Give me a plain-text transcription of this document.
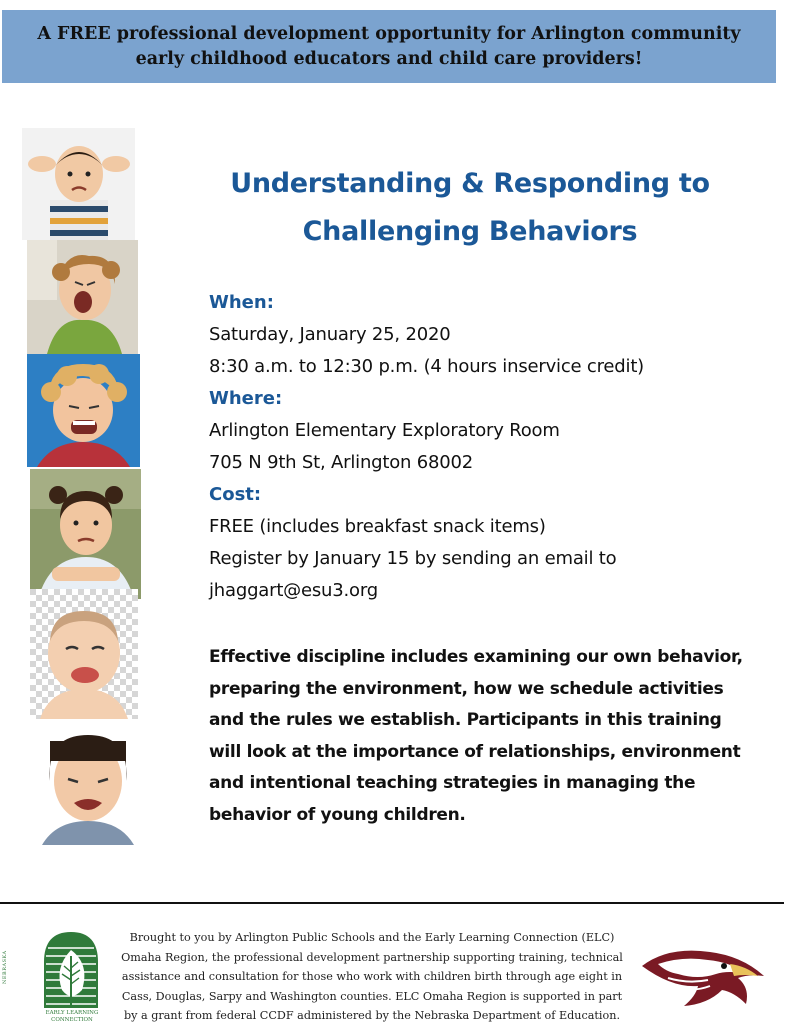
A FREE professional development opportunity for Arlington community
early childhood educators and child care providers!
Understanding & Responding to
Challenging Behaviors
When:
Saturday, January 25, 2020
8:30 a.m. to 12:30 p.m. (4 hours inservice credit)
Where:
Arlington Elementary Exploratory Room
705 N 9th St, Arlington 68002
Cost:
FREE (includes breakfast snack items)
Register by January 15 by sending an email to
jhaggart@esu3.org
Effective discipline includes examining our own behavior,
preparing the environment, how we schedule activities
and the rules we establish. Participants in this training
will look at the importance of relationships, environment
and intentional teaching strategies in managing the
behavior of young children.
NEBRASKA
EARLY LEARNING CONNECTION
Brought to you by Arlington Public Schools and the Early Learning Connection (ELC)
Omaha Region, the professional development partnership supporting training, technical
assistance and consultation for those who work with children birth through age eight in
Cass, Douglas, Sarpy and Washington counties. ELC Omaha Region is supported in part
by a grant from federal CCDF administered by the Nebraska Department of Education.
